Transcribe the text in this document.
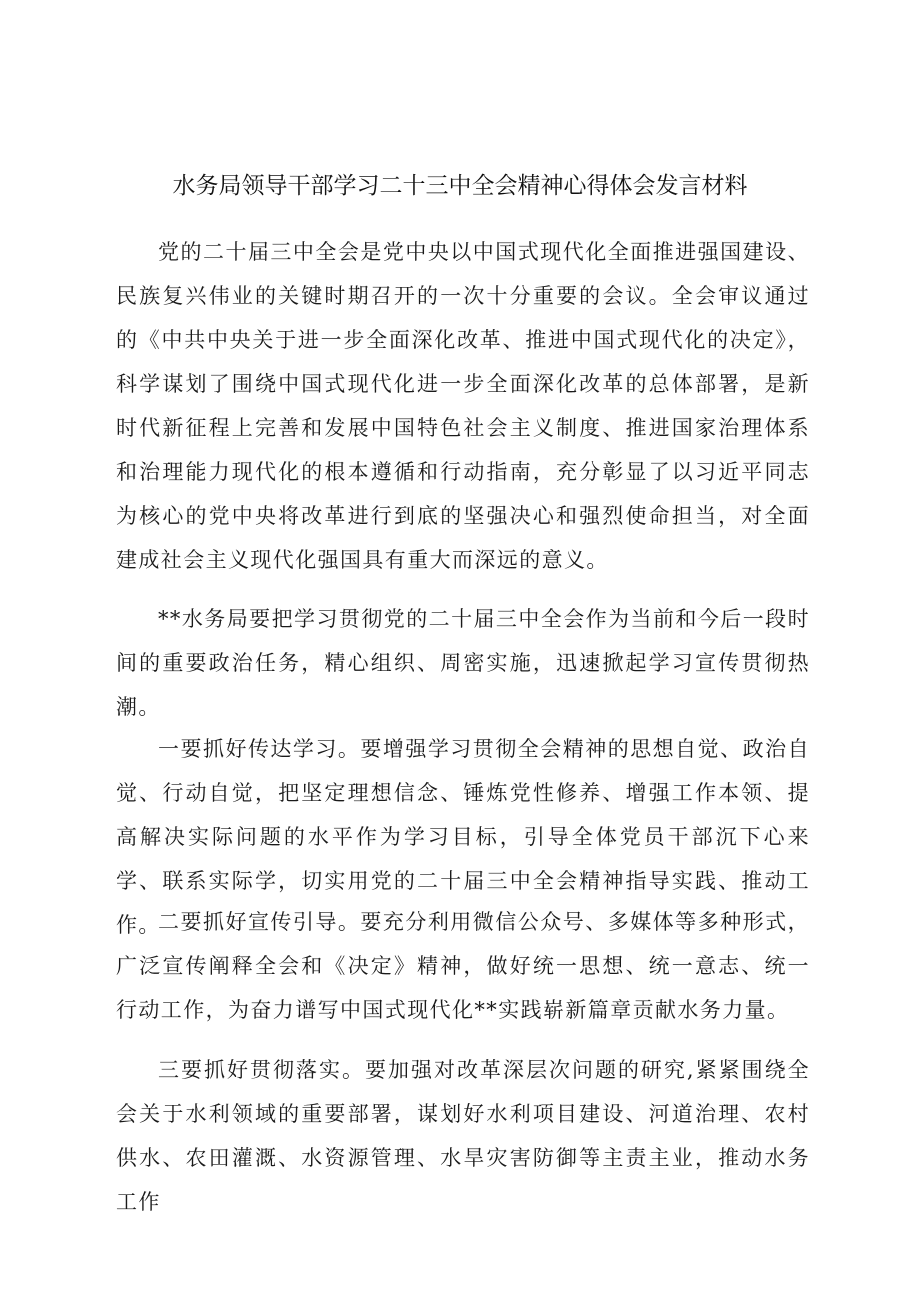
水务局领导干部学习二十三中全会精神心得体会发言材料

党的二十届三中全会是党中央以中国式现代化全面推进强国建设、民族复兴伟业的关键时期召开的一次十分重要的会议。全会审议通过的《中共中央关于进一步全面深化改革、推进中国式现代化的决定》，科学谋划了围绕中国式现代化进一步全面深化改革的总体部署，是新时代新征程上完善和发展中国特色社会主义制度、推进国家治理体系和治理能力现代化的根本遵循和行动指南，充分彰显了以习近平同志为核心的党中央将改革进行到底的坚强决心和强烈使命担当，对全面建成社会主义现代化强国具有重大而深远的意义。

**水务局要把学习贯彻党的二十届三中全会作为当前和今后一段时间的重要政治任务，精心组织、周密实施，迅速掀起学习宣传贯彻热潮。

一要抓好传达学习。要增强学习贯彻全会精神的思想自觉、政治自觉、行动自觉，把坚定理想信念、锤炼党性修养、增强工作本领、提高解决实际问题的水平作为学习目标，引导全体党员干部沉下心来学、联系实际学，切实用党的二十届三中全会精神指导实践、推动工作。

二要抓好宣传引导。要充分利用微信公众号、多媒体等多种形式，广泛宣传阐释全会和《决定》精神，做好统一思想、统一意志、统一行动工作，为奋力谱写中国式现代化**实践崭新篇章贡献水务力量。

三要抓好贯彻落实。要加强对改革深层次问题的研究,紧紧围绕全会关于水利领域的重要部署，谋划好水利项目建设、河道治理、农村供水、农田灌溉、水资源管理、水旱灾害防御等主责主业，推动水务工作
